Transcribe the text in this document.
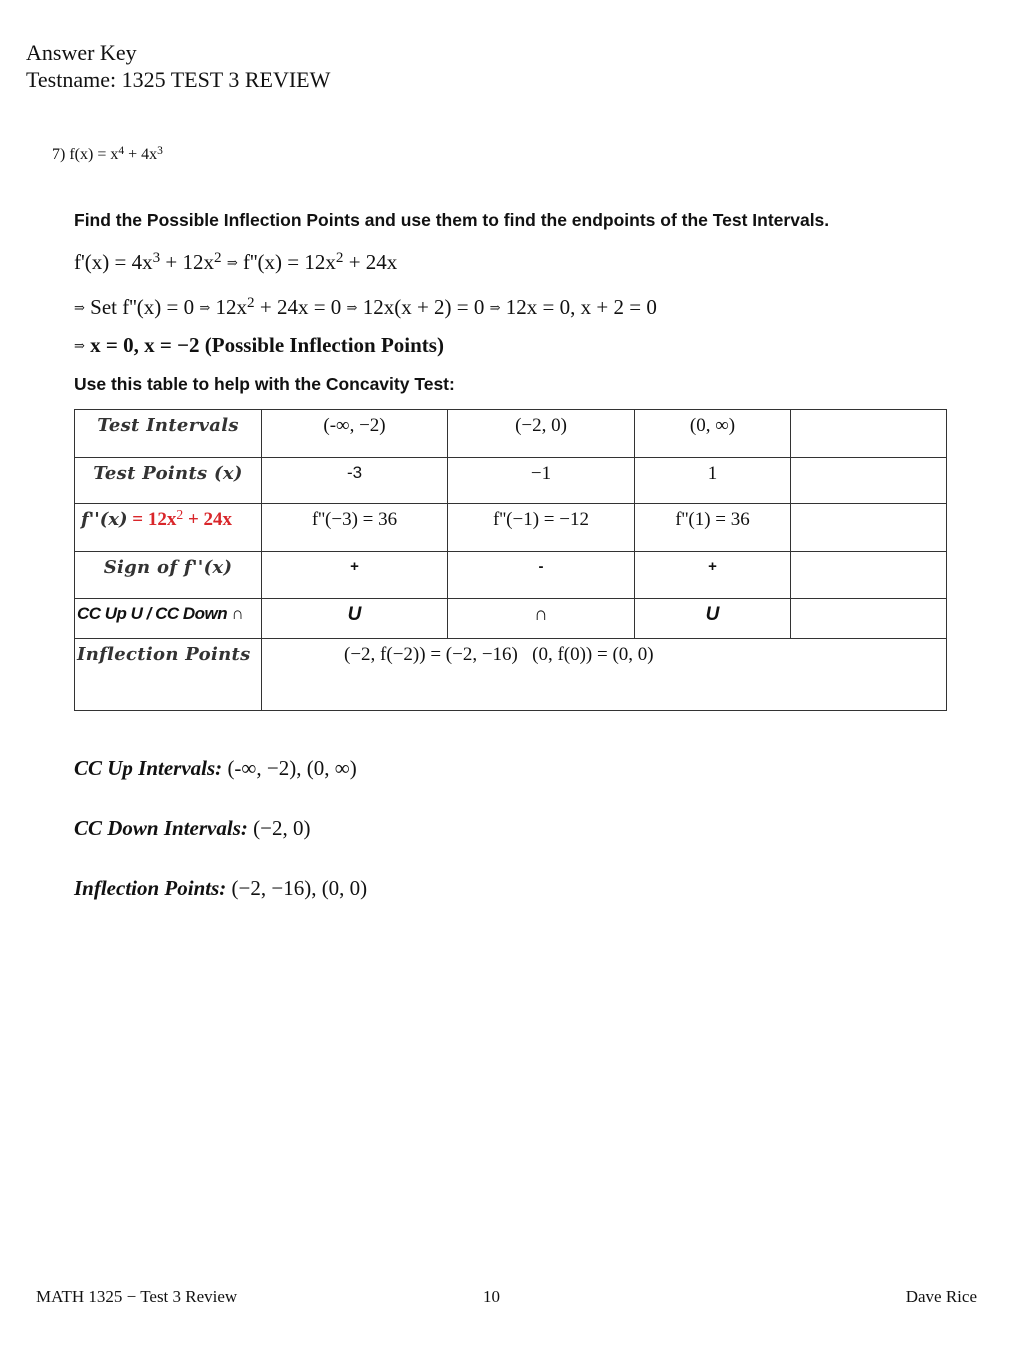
Answer Key
Testname: 1325 TEST 3 REVIEW
7) $f(x) = x^4 + 4x^3$
Find the Possible Inflection Points and use them to find the endpoints of the Test Intervals.
$f'(x) = 4x^3 + 12x^2$ ⇒ $f''(x) = 12x^2 + 24x$
⇒ Set f''(x) = 0 ⇒ $12x^2 + 24x = 0$ ⇒ 12x(x + 2) = 0 ⇒ 12x = 0, x + 2 = 0
⇒ x = 0, x = −2 (Possible Inflection Points)
Use this table to help with the Concavity Test:
Test Intervals	(-∞, −2)	(−2, 0)	(0, ∞)	

Test Points (x)	-3	−1	1	

$f''(x) = 12x^2 + 24x$	f''(−3) = 36	f''(−1) = −12	f''(1) = 36	

Sign of f''(x)	+	-	+	

CC Up U / CC Down ∩	U	∩	U	

Inflection Points	(−2, f(−2)) = (−2, −16) (0, f(0)) = (0, 0)			
CC Up Intervals: (-∞, −2), (0, ∞)
CC Down Intervals: (−2, 0)
Inflection Points: (−2, −16), (0, 0)
MATH 1325 − Test 3 Review	10	Dave Rice
